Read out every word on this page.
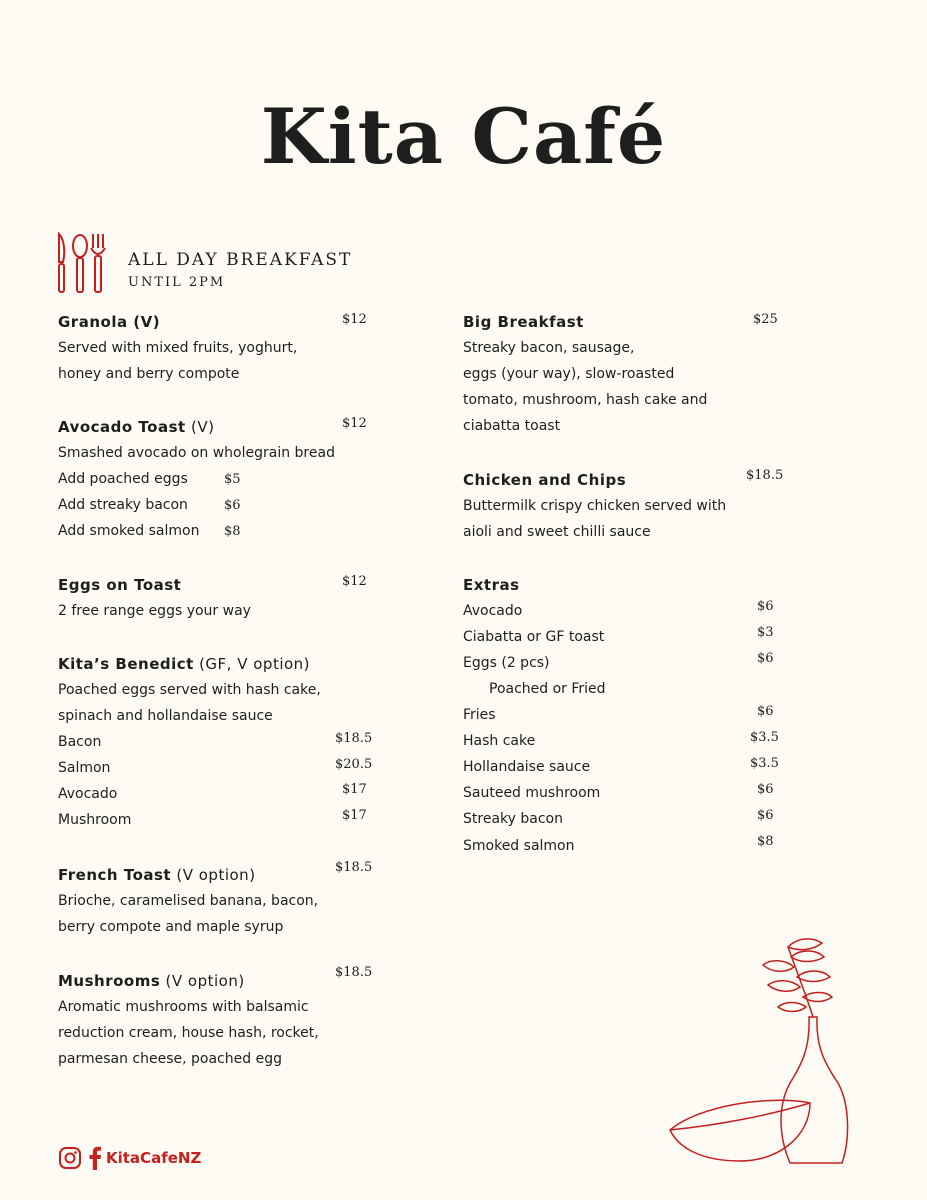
Kita Café
ALL DAY BREAKFAST
UNTIL 2PM
Granola (V)
Served with mixed fruits, yoghurt,
honey and berry compote
$12
Avocado Toast (V)
Smashed avocado on wholegrain bread
$12
Add poached eggs	$5
Add streaky bacon	$6
Add smoked salmon $8
Eggs on Toast
2 free range eggs your way
$12
Kita’s Benedict (GF, V option)
Poached eggs served with hash cake,
spinach and hollandaise sauce
Bacon	$18.5
Salmon	$20.5
Avocado	$17
Mushroom	$17
French Toast (V option)
Brioche, caramelised banana, bacon,
berry compote and maple syrup
$18.5
Mushrooms (V option)
Aromatic mushrooms with balsamic
reduction cream, house hash, rocket,
parmesan cheese, poached egg
$18.5
Big Breakfast
Streaky bacon, sausage,
eggs (your way), slow-roasted
tomato, mushroom, hash cake and
ciabatta toast
$25
Chicken and Chips
Buttermilk crispy chicken served with
aioli and sweet chilli sauce
$18.5
Extras
Avocado	$6
Ciabatta or GF toast	$3
Eggs (2 pcs)	$6
Poached or Fried
Fries	$6
Hash cake	$3.5
Hollandaise sauce	$3.5
Sauteed mushroom	$6
Streaky bacon	$6
Smoked salmon	$8
KitaCafeNZ
